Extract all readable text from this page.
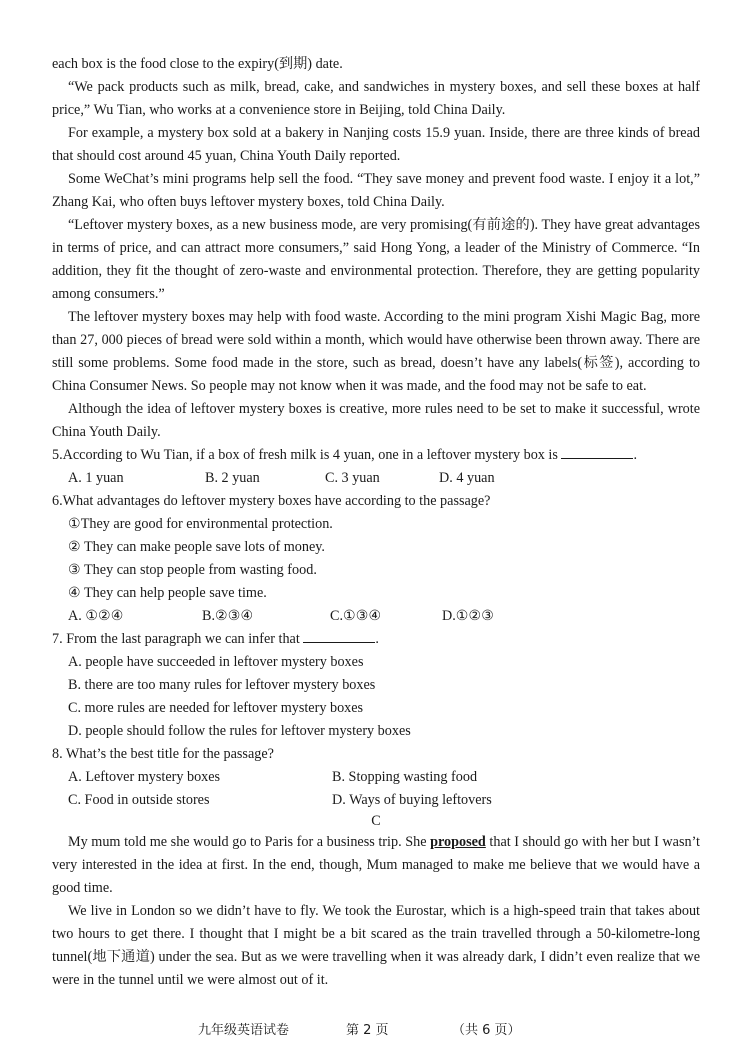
each box is the food close to the expiry(到期) date.
“We pack products such as milk, bread, cake, and sandwiches in mystery boxes, and sell these boxes at half price,” Wu Tian, who works at a convenience store in Beijing, told China Daily.
For example, a mystery box sold at a bakery in Nanjing costs 15.9 yuan. Inside, there are three kinds of bread that should cost around 45 yuan, China Youth Daily reported.
Some WeChat’s mini programs help sell the food. “They save money and prevent food waste. I enjoy it a lot,” Zhang Kai, who often buys leftover mystery boxes, told China Daily.
“Leftover mystery boxes, as a new business mode, are very promising(有前途的). They have great advantages in terms of price, and can attract more consumers,” said Hong Yong, a leader of the Ministry of Commerce. “In addition, they fit the thought of zero-waste and environmental protection. Therefore, they are getting popularity among consumers.”
The leftover mystery boxes may help with food waste. According to the mini program Xishi Magic Bag, more than 27, 000 pieces of bread were sold within a month, which would have otherwise been thrown away. There are still some problems. Some food made in the store, such as bread, doesn’t have any labels(标签), according to China Consumer News. So people may not know when it was made, and the food may not be safe to eat.
Although the idea of leftover mystery boxes is creative, more rules need to be set to make it successful, wrote China Youth Daily.
5.According to Wu Tian, if a box of fresh milk is 4 yuan, one in a leftover mystery box is	.
A. 1 yuan	B. 2 yuan	C. 3 yuan	D. 4 yuan
6.What advantages do leftover mystery boxes have according to the passage?
①They are good for environmental protection.
② They can make people save lots of money.
③ They can stop people from wasting food.
④ They can help people save time.
A. ①②④	B.②③④	C.①③④	D.①②③
7. From the last paragraph we can infer that	.
A. people have succeeded in leftover mystery boxes
B. there are too many rules for leftover mystery boxes
C. more rules are needed for leftover mystery boxes
D. people should follow the rules for leftover mystery boxes
8. What’s the best title for the passage?
A. Leftover mystery boxes	B. Stopping wasting food
C. Food in outside stores	D. Ways of buying leftovers
C
My mum told me she would go to Paris for a business trip. She proposed that I should go with her but I wasn’t very interested in the idea at first. In the end, though, Mum managed to make me believe that we would have a good time.
We live in London so we didn’t have to fly. We took the Eurostar, which is a high-speed train that takes about two hours to get there. I thought that I might be a bit scared as the train travelled through a 50-kilometre-long tunnel(地下通道) under the sea. But as we were travelling when it was already dark, I didn’t even realize that we were in the tunnel until we were almost out of it.
九年级英语试卷	第 2 页	（共 6 页）
